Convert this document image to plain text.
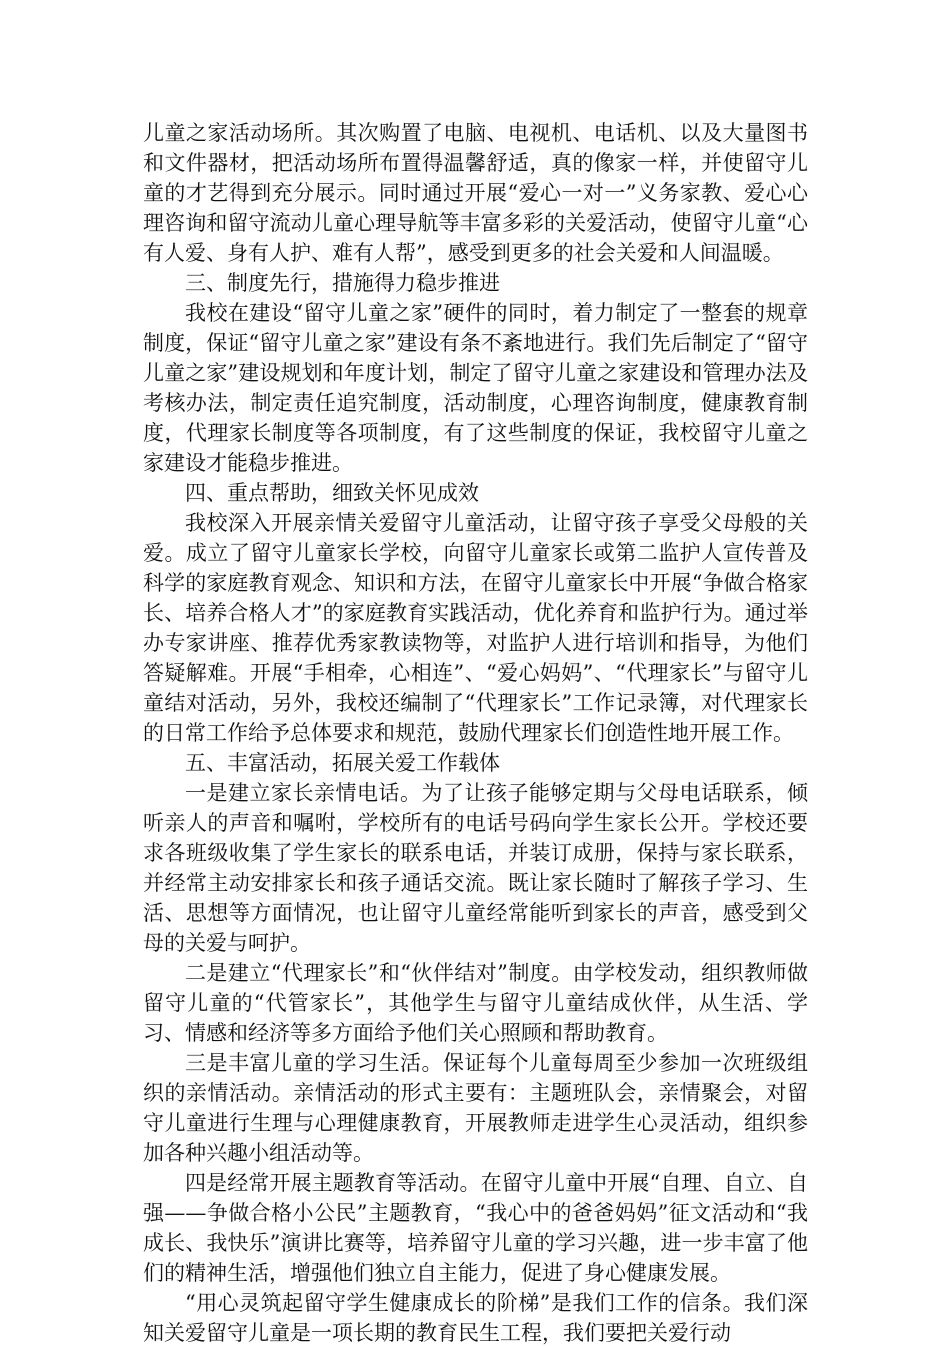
儿童之家活动场所。其次购置了电脑、电视机、电话机、以及大量图书和文件器材，把活动场所布置得温馨舒适，真的像家一样，并使留守儿童的才艺得到充分展示。同时通过开展“爱心一对一”义务家教、爱心心理咨询和留守流动儿童心理导航等丰富多彩的关爱活动，使留守儿童“心有人爱、身有人护、难有人帮”，感受到更多的社会关爱和人间温暖。

三、制度先行，措施得力稳步推进

我校在建设“留守儿童之家”硬件的同时，着力制定了一整套的规章制度，保证“留守儿童之家”建设有条不紊地进行。我们先后制定了“留守儿童之家”建设规划和年度计划，制定了留守儿童之家建设和管理办法及考核办法，制定责任追究制度，活动制度，心理咨询制度，健康教育制度，代理家长制度等各项制度，有了这些制度的保证，我校留守儿童之家建设才能稳步推进。

四、重点帮助，细致关怀见成效

我校深入开展亲情关爱留守儿童活动，让留守孩子享受父母般的关爱。成立了留守儿童家长学校，向留守儿童家长或第二监护人宣传普及科学的家庭教育观念、知识和方法，在留守儿童家长中开展“争做合格家长、培养合格人才”的家庭教育实践活动，优化养育和监护行为。通过举办专家讲座、推荐优秀家教读物等，对监护人进行培训和指导，为他们答疑解难。开展“手相牵，心相连”、“爱心妈妈”、“代理家长”与留守儿童结对活动，另外，我校还编制了“代理家长”工作记录簿，对代理家长的日常工作给予总体要求和规范，鼓励代理家长们创造性地开展工作。

五、丰富活动，拓展关爱工作载体

一是建立家长亲情电话。为了让孩子能够定期与父母电话联系，倾听亲人的声音和嘱咐，学校所有的电话号码向学生家长公开。学校还要求各班级收集了学生家长的联系电话，并装订成册，保持与家长联系，并经常主动安排家长和孩子通话交流。既让家长随时了解孩子学习、生活、思想等方面情况，也让留守儿童经常能听到家长的声音，感受到父母的关爱与呵护。

二是建立“代理家长”和“伙伴结对”制度。由学校发动，组织教师做留守儿童的“代管家长”，其他学生与留守儿童结成伙伴，从生活、学习、情感和经济等多方面给予他们关心照顾和帮助教育。

三是丰富儿童的学习生活。保证每个儿童每周至少参加一次班级组织的亲情活动。亲情活动的形式主要有：主题班队会，亲情聚会，对留守儿童进行生理与心理健康教育，开展教师走进学生心灵活动，组织参加各种兴趣小组活动等。

四是经常开展主题教育等活动。在留守儿童中开展“自理、自立、自强——争做合格小公民”主题教育，“我心中的爸爸妈妈”征文活动和“我成长、我快乐”演讲比赛等，培养留守儿童的学习兴趣，进一步丰富了他们的精神生活，增强他们独立自主能力，促进了身心健康发展。

“用心灵筑起留守学生健康成长的阶梯”是我们工作的信条。我们深知关爱留守儿童是一项长期的教育民生工程，我们要把关爱行动
